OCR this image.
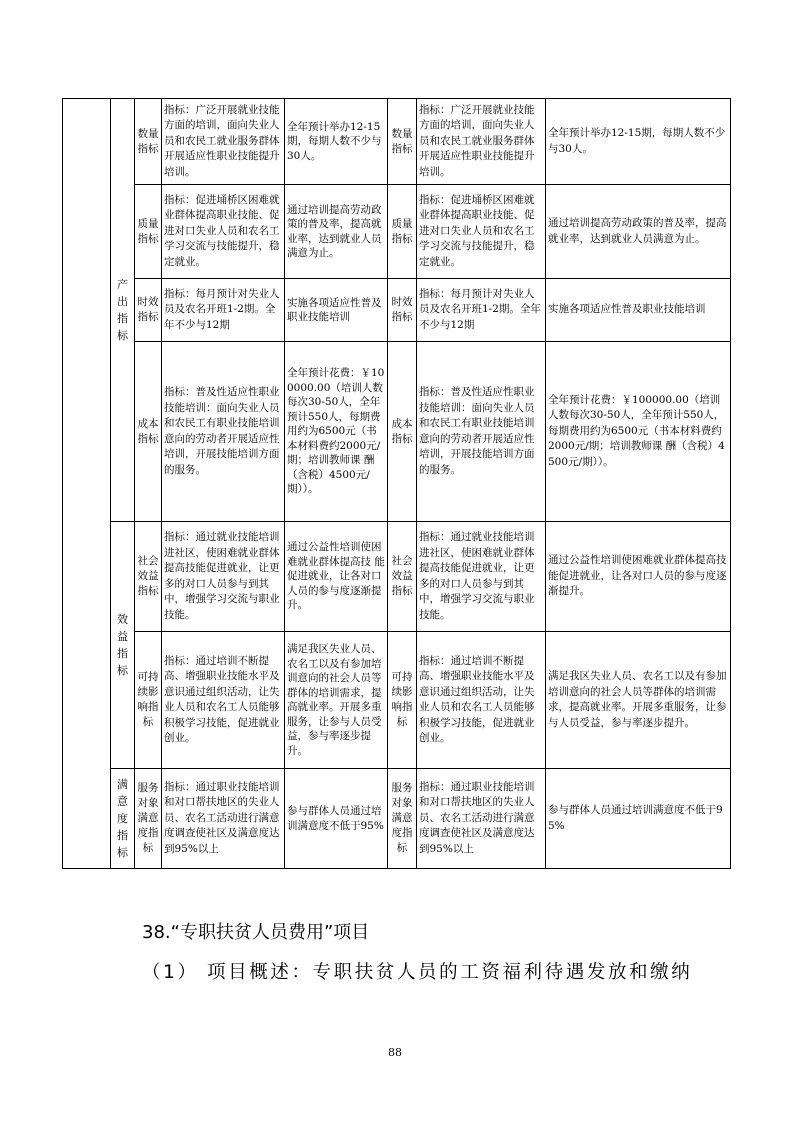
	产出指标	数量指标	指标：广泛开展就业技能方面的培训，面向失业人员和农民工就业服务群体开展适应性职业技能提升培训。	全年预计举办12-15期，每期人数不少与30人。	数量指标	指标：广泛开展就业技能方面的培训，面向失业人员和农民工就业服务群体开展适应性职业技能提升培训。	全年预计举办12-15期，每期人数不少与30人。
		质量指标	指标：促进埇桥区困难就业群体提高职业技能、促进对口失业人员和农名工学习交流与技能提升，稳定就业。	通过培训提高劳动政策的普及率，提高就业率，达到就业人员满意为止。	质量指标	指标：促进埇桥区困难就业群体提高职业技能、促进对口失业人员和农名工学习交流与技能提升，稳定就业。	通过培训提高劳动政策的普及率，提高就业率，达到就业人员满意为止。
		时效指标	指标：每月预计对失业人员及农名开班1-2期。全年不少与12期	实施各项适应性普及职业技能培训	时效指标	指标：每月预计对失业人员及农名开班1-2期。全年不少与12期	实施各项适应性普及职业技能培训
		成本指标	指标：普及性适应性职业技能培训：面向失业人员和农民工有职业技能培训意向的劳动者开展适应性培训，开展技能培训方面的服务。	全年预计花费：￥100000.00（培训人数每次30-50人，全年预计550人，每期费用约为6500元（书本材料费约2000元/期；培训教师课 酬（含税）4500元/期））。	成本指标	指标：普及性适应性职业技能培训：面向失业人员和农民工有职业技能培训意向的劳动者开展适应性培训，开展技能培训方面的服务。	全年预计花费：￥100000.00（培训人数每次30-50人，全年预计550人，每期费用约为6500元（书本材料费约2000元/期；培训教师课 酬（含税）4500元/期））。
	效益指标	社会效益指标	指标：通过就业技能培训进社区，使困难就业群体提高技能促进就业，让更多的对口人员参与到其中，增强学习交流与职业技能。	通过公益性培训使困难就业群体提高技 能促进就业，让各对口人员的参与度逐渐提升。	社会效益指标	指标：通过就业技能培训进社区，使困难就业群体提高技能促进就业，让更多的对口人员参与到其中，增强学习交流与职业技能。	通过公益性培训使困难就业群体提高技 能促进就业，让各对口人员的参与度逐渐提升。
		可持续影响指标	指标：通过培训不断提高、增强职业技能水平及意识通过组织活动，让失业人员和农名工人员能够积极学习技能，促进就业创业。	满足我区失业人员、农名工以及有参加培训意向的社会人员等群体的培训需求，提高就业率。开展多重服务，让参与人员受益，参与率逐步提升。	可持续影响指标	指标：通过培训不断提高、增强职业技能水平及意识通过组织活动，让失业人员和农名工人员能够积极学习技能，促进就业创业。	满足我区失业人员、农名工以及有参加培训意向的社会人员等群体的培训需求，提高就业率。开展多重服务，让参与人员受益，参与率逐步提升。
	满意度指标	服务对象满意度指标	指标：通过职业技能培训和对口帮扶地区的失业人员、农名工活动进行满意度调查使社区及满意度达到95%以上	参与群体人员通过培训满意度不低于95%	服务对象满意度指标	指标：通过职业技能培训和对口帮扶地区的失业人员、农名工活动进行满意度调查使社区及满意度达到95%以上	参与群体人员通过培训满意度不低于95%
38.“专职扶贫人员费用”项目
（1） 项目概述：专职扶贫人员的工资福利待遇发放和缴纳
88
